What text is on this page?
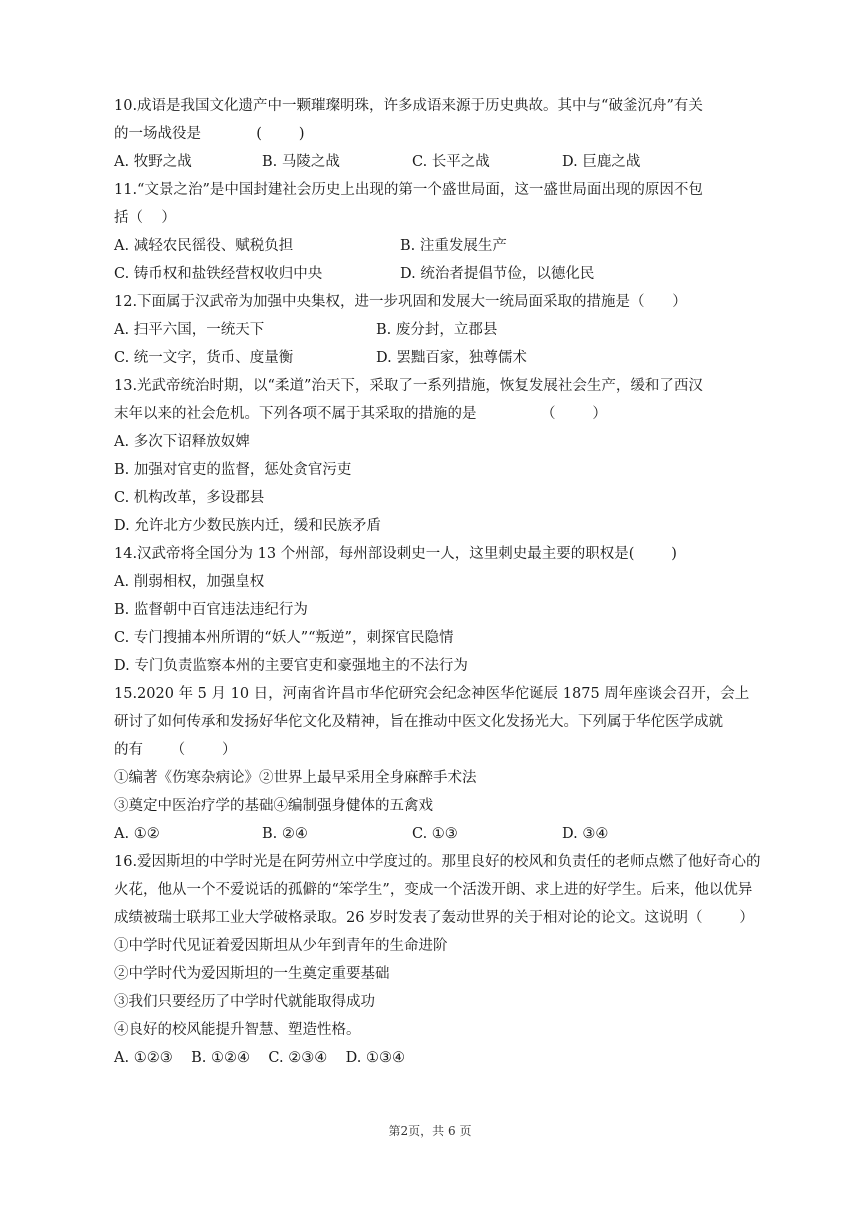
10.成语是我国文化遗产中一颗璀璨明珠，许多成语来源于历史典故。其中与“破釜沉舟”有关
的一场战役是            (        )
A. 牧野之战	B. 马陵之战	C. 长平之战	D. 巨鹿之战
11.“文景之治”是中国封建社会历史上出现的第一个盛世局面，这一盛世局面出现的原因不包
括（    ）
A. 减轻农民徭役、赋税负担	B. 注重发展生产
C. 铸币权和盐铁经营权收归中央	D. 统治者提倡节俭，以德化民
12.下面属于汉武帝为加强中央集权，进一步巩固和发展大一统局面采取的措施是（      ）
A. 扫平六国，一统天下	B. 废分封，立郡县
C. 统一文字，货币、度量衡	D. 罢黜百家，独尊儒术
13.光武帝统治时期，以“柔道”治天下，采取了一系列措施，恢复发展社会生产，缓和了西汉
末年以来的社会危机。下列各项不属于其采取的措施的是              （        ）
A. 多次下诏释放奴婢
B. 加强对官吏的监督，惩处贪官污吏
C. 机构改革，多设郡县
D. 允许北方少数民族内迁，缓和民族矛盾
14.汉武帝将全国分为 13 个州部，每州部设刺史一人，这里刺史最主要的职权是(        )
A. 削弱相权，加强皇权
B. 监督朝中百官违法违纪行为
C. 专门搜捕本州所谓的“妖人”“叛逆”，刺探官民隐情
D. 专门负责监察本州的主要官吏和豪强地主的不法行为
15.2020 年 5 月 10 日，河南省许昌市华佗研究会纪念神医华佗诞辰 1875 周年座谈会召开，会上
研讨了如何传承和发扬好华佗文化及精神，旨在推动中医文化发扬光大。下列属于华佗医学成就
的有      （        ）
①编著《伤寒杂病论》②世界上最早采用全身麻醉手术法
③奠定中医治疗学的基础④编制强身健体的五禽戏
A. ①②	B. ②④	C. ①③	D. ③④
16.爱因斯坦的中学时光是在阿劳州立中学度过的。那里良好的校风和负责任的老师点燃了他好奇心的
火花，他从一个不爱说话的孤僻的“笨学生”，变成一个活泼开朗、求上进的好学生。后来，他以优异
成绩被瑞士联邦工业大学破格录取。26 岁时发表了轰动世界的关于相对论的论文。这说明（        ）
①中学时代见证着爱因斯坦从少年到青年的生命进阶
②中学时代为爱因斯坦的一生奠定重要基础
③我们只要经历了中学时代就能取得成功
④良好的校风能提升智慧、塑造性格。
A. ①②③    B. ①②④    C. ②③④    D. ①③④
第2页，共 6 页
